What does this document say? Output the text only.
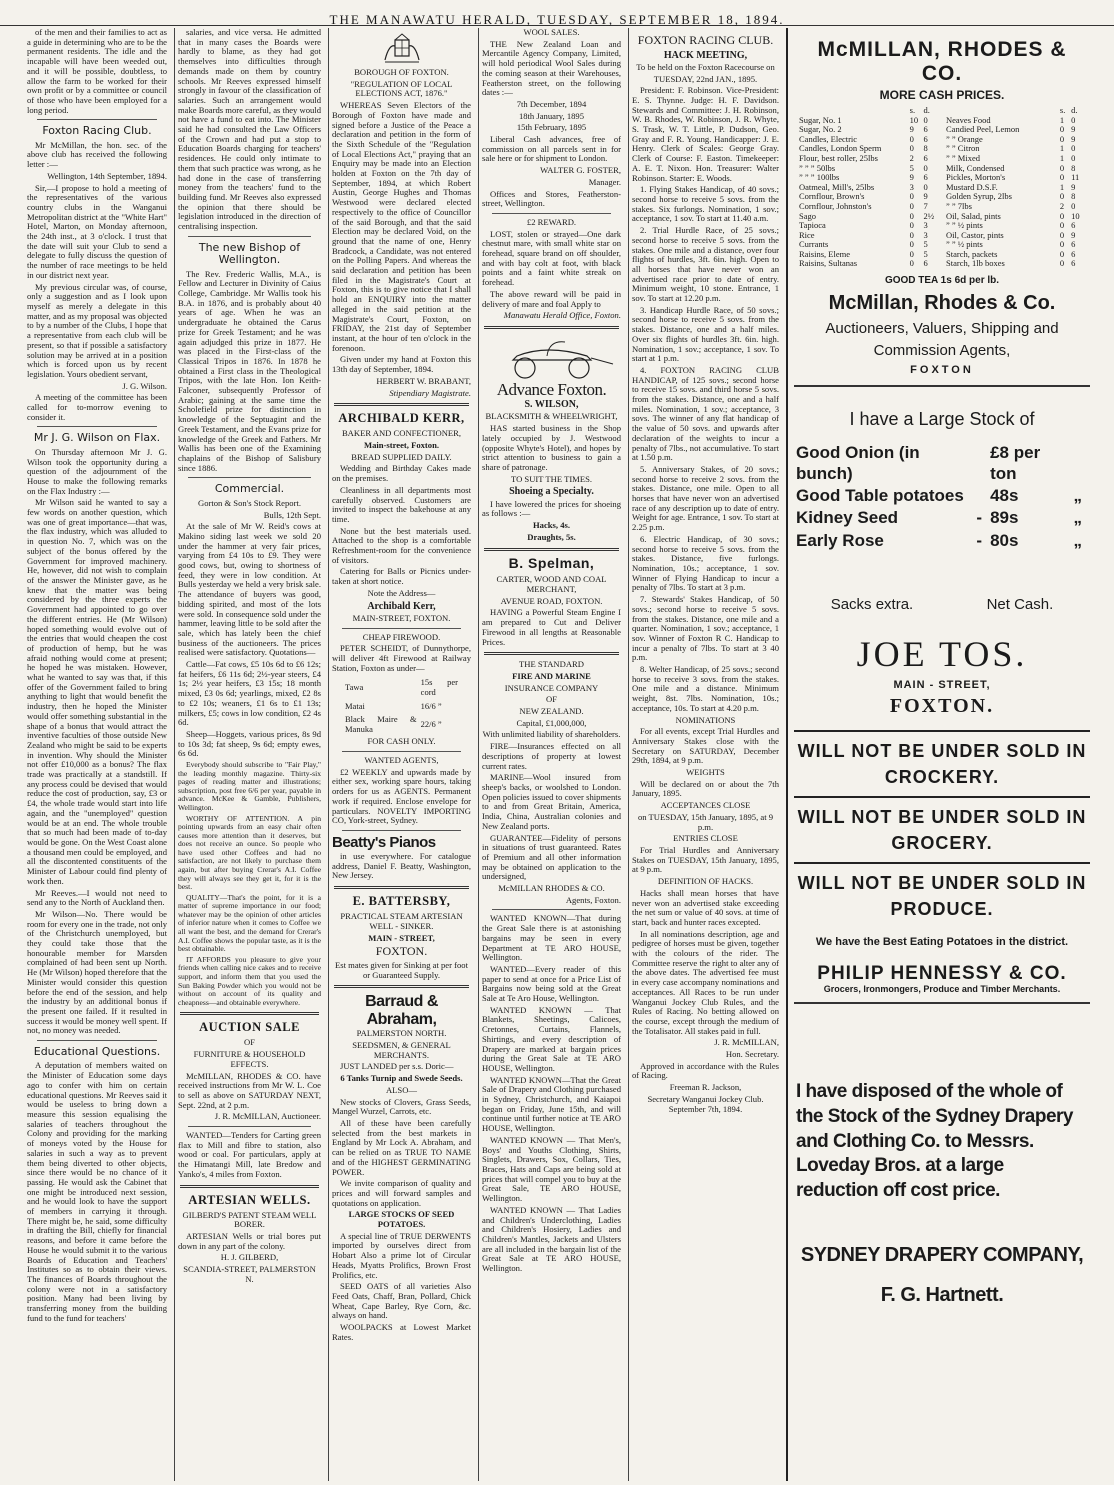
THE MANAWATU HERALD, TUESDAY, SEPTEMBER 18, 1894.

of the men and their families to act as a guide in determining who are to be the permanent residents. The idle and the incapable will have been weeded out, and it will be possible, doubtless, to allow the farm to be worked for their own profit or by a committee or council of those who have been employed for a long period.

Foxton Racing Club.

Mr McMillan, the hon. sec. of the above club has received the following letter :—

Wellington, 14th September, 1894.

Sir,—I propose to hold a meeting of the representatives of the various country clubs in the Wanganui Metropolitan district at the "White Hart" Hotel, Marton, on Monday afternoon, the 24th inst., at 3 o'clock. I trust that the date will suit your Club to send a delegate to fully discuss the question of the number of race meetings to be held in our district next year.

My previous circular was, of course, only a suggestion and as I look upon myself as merely a delegate in this matter, and as my proposal was objected to by a number of the Clubs, I hope that a representative from each club will be present, so that if possible a satisfactory solution may be arrived at in a position which is forced upon us by recent legislation. Yours obedient servant,

J. G. Wilson.

A meeting of the committee has been called for to-morrow evening to consider it.

Mr J. G. Wilson on Flax.

On Thursday afternoon Mr J. G. Wilson took the opportunity during a question of the adjournment of the House to make the following remarks on the Flax Industry :—

Mr Wilson said he wanted to say a few words on another question, which was one of great importance—that was, the flax industry, which was alluded to in question No. 7, which was on the subject of the bonus offered by the Government for improved machinery. He, however, did not wish to complain of the answer the Minister gave, as he knew that the matter was being considered by the three experts the Government had appointed to go over the different entries. He (Mr Wilson) hoped something would evolve out of the entries that would cheapen the cost of production of hemp, but he was afraid nothing would come at present; he hoped he was mistaken. However, what he wanted to say was that, if this offer of the Government failed to bring anything to light that would benefit the industry, then he hoped the Minister would offer something substantial in the shape of a bonus that would attract the inventive faculties of those outside New Zealand who might be said to be experts in invention. Why should the Minister not offer £10,000 as a bonus? The flax trade was practically at a standstill. If any process could be devised that would reduce the cost of production, say, £3 or £4, the whole trade would start into life again, and the "unemployed" question would be at an end. The whole trouble that so much had been made of to-day would be gone. On the West Coast alone a thousand men could be employed, and all the discontented constituents of the Minister of Labour could find plenty of work then.

Mr Reeves.—I would not need to send any to the North of Auckland then.

Mr Wilson—No. There would be room for every one in the trade, not only of the Christchurch unemployed, but they could take those that the honourable member for Marsden complained of had been sent up North. He (Mr Wilson) hoped therefore that the Minister would consider this question before the end of the session, and help the industry by an additional bonus if the present one failed. If it resulted in success it would be money well spent. If not, no money was needed.

Educational Questions.

A deputation of members waited on the Minister of Education some days ago to confer with him on certain educational questions. Mr Reeves said it would be useless to bring down a measure this session equalising the salaries of teachers throughout the Colony and providing for the marking of moneys voted by the House for salaries in such a way as to prevent them being diverted to other objects, since there would be no chance of it passing. He would ask the Cabinet that one might be introduced next session, and he would look to have the support of members in carrying it through. There might be, he said, some difficulty in drafting the Bill, chiefly for financial reasons, and before it came before the House he would submit it to the various Boards of Education and Teachers' Institutes so as to obtain their views. The finances of Boards throughout the colony were not in a satisfactory position. Many had been living by transferring money from the building fund to the fund for teachers'

salaries, and vice versa. He admitted that in many cases the Boards were hardly to blame, as they had got themselves into difficulties through demands made on them by country schools. Mr Reeves expressed himself strongly in favour of the classification of salaries. Such an arrangement would make Boards more careful, as they would not have a fund to eat into. The Minister said he had consulted the Law Officers of the Crown and had put a stop to Education Boards charging for teachers' residences. He could only intimate to them that such practice was wrong, as he had done in the case of transferring money from the teachers' fund to the building fund. Mr Reeves also expressed the opinion that there should be legislation introduced in the direction of centralising inspection.

The new Bishop of Wellington.

The Rev. Frederic Wallis, M.A., is Fellow and Lecturer in Divinity of Caius College, Cambridge. Mr Wallis took his B.A. in 1876, and is probably about 40 years of age. When he was an undergraduate he obtained the Carus prize for Greek Testament; and he was again adjudged this prize in 1877. He was placed in the First-class of the Classical Tripos in 1876. In 1878 he obtained a First class in the Theological Tripos, with the late Hon. Ion Keith-Falconer, subsequently Professor of Arabic; gaining at the same time the Scholefield prize for distinction in knowledge of the Septuagint and the Greek Testament, and the Evans prize for knowledge of the Greek and Fathers. Mr Wallis has been one of the Examining chaplains of the Bishop of Salisbury since 1886.

Commercial.

Gorton & Son's Stock Report.

Bulls, 12th Sept.

At the sale of Mr W. Reid's cows at Makino siding last week we sold 20 under the hammer at very fair prices, varying from £4 10s to £9. They were good cows, but, owing to shortness of feed, they were in low condition. At Bulls yesterday we held a very brisk sale. The attendance of buyers was good, bidding spirited, and most of the lots were sold. In consequence sold under the hammer, leaving little to be sold after the sale, which has lately been the chief business of the auctioneers. The prices realised were satisfactory. Quotations—

Cattle—Fat cows, £5 10s 6d to £6 12s; fat heifers, £6 11s 6d; 2½-year steers, £4 1s; 2½ year heifers, £3 15s; 18 month mixed, £3 0s 6d; yearlings, mixed, £2 8s to £2 10s; weaners, £1 6s to £1 13s; milkers, £5; cows in low condition, £2 4s 6d.

Sheep—Hoggets, various prices, 8s 9d to 10s 3d; fat sheep, 9s 6d; empty ewes, 6s 6d.

Everybody should subscribe to "Fair Play," the leading monthly magazine. Thirty-six pages of reading matter and illustrations; subscription, post free 6/6 per year, payable in advance. McKee & Gamble, Publishers, Wellington.

WORTHY OF ATTENTION. A pin pointing upwards from an easy chair often causes more attention than it deserves, but does not receive an ounce. So people who have used other Coffees and had no satisfaction, are not likely to purchase them again, but after buying Crerar's A.I. Coffee they will always see they get it, for it is the best.

QUALITY—That's the point, for it is a matter of supreme importance in our food; whatever may be the opinion of other articles of inferior nature when it comes to Coffee we all want the best, and the demand for Crerar's A.I. Coffee shows the popular taste, as it is the best obtainable.

IT AFFORDS you pleasure to give your friends when calling nice cakes and to receive support, and inform them that you used the Sun Baking Powder which you would not be without on account of its quality and cheapness—and obtainable everywhere.

AUCTION SALE

OF

FURNITURE & HOUSEHOLD EFFECTS.

McMILLAN, RHODES & CO. have received instructions from Mr W. L. Coe to sell as above on SATURDAY NEXT, Sept. 22nd, at 2 p.m.

J. R. McMILLAN, Auctioneer.

WANTED—Tenders for Carting green flax to Mill and fibre to station, also wood or coal. For particulars, apply at the Himatangi Mill, late Bredow and Yanko's, 4 miles from Foxton.

ARTESIAN WELLS.

GILBERD'S PATENT STEAM WELL BORER.

ARTESIAN Wells or trial bores put down in any part of the colony.

H. J. GILBERD,

SCANDIA-STREET, PALMERSTON N.

BOROUGH OF FOXTON.

"REGULATION OF LOCAL ELECTIONS ACT, 1876."

WHEREAS Seven Electors of the Borough of Foxton have made and signed before a Justice of the Peace a declaration and petition in the form of the Sixth Schedule of the "Regulation of Local Elections Act," praying that an Enquiry may be made into an Election holden at Foxton on the 7th day of September, 1894, at which Robert Austin, George Hughes and Thomas Westwood were declared elected respectively to the office of Councillor of the said Borough, and that the said Election may be declared Void, on the ground that the name of one, Henry Bradcock, a Candidate, was not entered on the Polling Papers. And whereas the said declaration and petition has been filed in the Magistrate's Court at Foxton, this is to give notice that I shall hold an ENQUIRY into the matter alleged in the said petition at the Magistrate's Court, Foxton, on FRIDAY, the 21st day of September instant, at the hour of ten o'clock in the forenoon.

Given under my hand at Foxton this 13th day of September, 1894.

HERBERT W. BRABANT,

Stipendiary Magistrate.

ARCHIBALD KERR,

BAKER AND CONFECTIONER,

Main-street, Foxton.

BREAD SUPPLIED DAILY.

Wedding and Birthday Cakes made on the premises.

Cleanliness in all departments most carefully observed. Customers are invited to inspect the bakehouse at any time.

None but the best materials used. Attached to the shop is a comfortable Refreshment-room for the convenience of visitors.

Catering for Balls or Picnics under-taken at short notice.

Note the Address—

Archibald Kerr,

MAIN-STREET, FOXTON.

CHEAP FIREWOOD.

PETER SCHEIDT, of Dunnythorpe, will deliver 4ft Firewood at Railway Station, Foxton as under—

Tawa	15s per cord
Matai	16/6 ”
Black Maire & Manuka	22/6 ”

FOR CASH ONLY.

WANTED AGENTS,

£2 WEEKLY and upwards made by either sex, working spare hours, taking orders for us as AGENTS. Permanent work if required. Enclose envelope for particulars. NOVELTY IMPORTING CO, York-street, Sydney.

Beatty's Pianos

in use everywhere. For catalogue address, Daniel F. Beatty, Washington, New Jersey.

E. BATTERSBY,

PRACTICAL STEAM ARTESIAN WELL - SINKER.

MAIN - STREET,

FOXTON.

Est mates given for Sinking at per foot or Guaranteed Supply.

Barraud & Abraham,

PALMERSTON NORTH.

SEEDSMEN, & GENERAL MERCHANTS.

JUST LANDED per s.s. Doric—

6 Tanks Turnip and Swede Seeds.

ALSO—

New stocks of Clovers, Grass Seeds, Mangel Wurzel, Carrots, etc.

All of these have been carefully selected from the best markets in England by Mr Lock A. Abraham, and can be relied on as TRUE TO NAME and of the HIGHEST GERMINATING POWER.

We invite comparison of quality and prices and will forward samples and quotations on application.

LARGE STOCKS OF SEED POTATOES.

A special line of TRUE DERWENTS imported by ourselves direct from Hobart Also a prime lot of Circular Heads, Myatts Prolifics, Brown Frost Prolifics, etc.

SEED OATS of all varieties Also Feed Oats, Chaff, Bran, Pollard, Chick Wheat, Cape Barley, Rye Corn, &c. always on hand.

WOOLPACKS at Lowest Market Rates.

WOOL SALES.

THE New Zealand Loan and Mercantile Agency Company, Limited, will hold periodical Wool Sales during the coming season at their Warehouses, Featherston street, on the following dates :—

7th December, 1894

18th January, 1895

15th February, 1895

Liberal Cash advances, free of commission on all parcels sent in for sale here or for shipment to London.

WALTER G. FOSTER,

Manager.

Offices and Stores, Featherston-street, Wellington.

£2 REWARD.

LOST, stolen or strayed—One dark chestnut mare, with small white star on forehead, square brand on off shoulder, and with bay colt at foot, with black points and a faint white streak on forehead.

The above reward will be paid in delivery of mare and foal Apply to

Manawatu Herald Office, Foxton.

Advance Foxton.

S. WILSON,

BLACKSMITH & WHEELWRIGHT,

HAS started business in the Shop lately occupied by J. Westwood (opposite Whyte's Hotel), and hopes by strict attention to business to gain a share of patronage.

TO SUIT THE TIMES.

Shoeing a Specialty.

I have lowered the prices for shoeing as follows :—

Hacks, 4s.

Draughts, 5s.

B. Spelman,

CARTER, WOOD AND COAL MERCHANT,

AVENUE ROAD, FOXTON.

HAVING a Powerful Steam Engine I am prepared to Cut and Deliver Firewood in all lengths at Reasonable Prices.

THE STANDARD

FIRE AND MARINE

INSURANCE COMPANY

OF

NEW ZEALAND.

Capital, £1,000,000,

With unlimited liability of shareholders.

FIRE—Insurances effected on all descriptions of property at lowest current rates.

MARINE—Wool insured from sheep's backs, or woolshed to London. Open policies issued to cover shipments to and from Great Britain, America, India, China, Australian colonies and New Zealand ports.

GUARANTEE—Fidelity of persons in situations of trust guaranteed. Rates of Premium and all other information may be obtained on application to the undersigned,

McMILLAN RHODES & CO.

Agents, Foxton.

WANTED KNOWN—That during the Great Sale there is at astonishing bargains may be seen in every Department at TE ARO HOUSE, Wellington.

WANTED—Every reader of this paper to send at once for a Price List of Bargains now being sold at the Great Sale at Te Aro House, Wellington.

WANTED KNOWN — That Blankets, Sheetings, Calicoes, Cretonnes, Curtains, Flannels, Shirtings, and every description of Drapery are marked at bargain prices during the Great Sale at TE ARO HOUSE, Wellington.

WANTED KNOWN—That the Great Sale of Drapery and Clothing purchased in Sydney, Christchurch, and Kaiapoi began on Friday, June 15th, and will continue until further notice at TE ARO HOUSE, Wellington.

WANTED KNOWN — That Men's, Boys' and Youths Clothing, Shirts, Singlets, Drawers, Sox, Collars, Ties, Braces, Hats and Caps are being sold at prices that will compel you to buy at the Great Sale, TE ARO HOUSE, Wellington.

WANTED KNOWN — That Ladies and Children's Underclothing, Ladies and Children's Hosiery, Ladies and Children's Mantles, Jackets and Ulsters are all included in the bargain list of the Great Sale at TE ARO HOUSE, Wellington.

FOXTON RACING CLUB.

HACK MEETING,

To be held on the Foxton Racecourse on

TUESDAY, 22nd JAN., 1895.

President: F. Robinson. Vice-President: E. S. Thynne. Judge: H. F. Davidson. Stewards and Committee: J. H. Robinson, W. B. Rhodes, W. Robinson, J. R. Whyte, S. Trask, W. T. Little, P. Dudson, Geo. Gray and F. R. Young. Handicapper: J. E. Henry. Clerk of Scales: George Gray. Clerk of Course: F. Easton. Timekeeper: A. E. T. Nixon. Hon. Treasurer: Walter Robinson. Starter: E. Woods.

1. Flying Stakes Handicap, of 40 sovs.; second horse to receive 5 sovs. from the stakes. Six furlongs. Nomination, 1 sov.; acceptance, 1 sov. To start at 11.40 a.m.

2. Trial Hurdle Race, of 25 sovs.; second horse to receive 5 sovs. from the stakes. One mile and a distance, over four flights of hurdles, 3ft. 6in. high. Open to all horses that have never won an advertised race prior to date of entry. Minimum weight, 10 stone. Entrance, 1 sov. To start at 12.20 p.m.

3. Handicap Hurdle Race, of 50 sovs.; second horse to receive 5 sovs. from the stakes. Distance, one and a half miles. Over six flights of hurdles 3ft. 6in. high. Nomination, 1 sov.; acceptance, 1 sov. To start at 1 p.m.

4. FOXTON RACING CLUB HANDICAP, of 125 sovs.; second horse to receive 15 sovs. and third horse 5 sovs. from the stakes. Distance, one and a half miles. Nomination, 1 sov.; acceptance, 3 sovs. The winner of any flat handicap of the value of 50 sovs. and upwards after declaration of the weights to incur a penalty of 7lbs., not accumulative. To start at 1.50 p.m.

5. Anniversary Stakes, of 20 sovs.; second horse to receive 2 sovs. from the stakes. Distance, one mile. Open to all horses that have never won an advertised race of any description up to date of entry. Weight for age. Entrance, 1 sov. To start at 2.25 p.m.

6. Electric Handicap, of 30 sovs.; second horse to receive 5 sovs. from the stakes. Distance, five furlongs. Nomination, 10s.; acceptance, 1 sov. Winner of Flying Handicap to incur a penalty of 7lbs. To start at 3 p.m.

7. Stewards' Stakes Handicap, of 50 sovs.; second horse to receive 5 sovs. from the stakes. Distance, one mile and a quarter. Nomination, 1 sov.; acceptance, 1 sov. Winner of Foxton R C. Handicap to incur a penalty of 7lbs. To start at 3 40 p.m.

8. Welter Handicap, of 25 sovs.; second horse to receive 3 sovs. from the stakes. One mile and a distance. Minimum weight, 8st. 7lbs. Nomination, 10s.; acceptance, 10s. To start at 4.20 p.m.

NOMINATIONS

For all events, except Trial Hurdles and Anniversary Stakes close with the Secretary on SATURDAY, December 29th, 1894, at 9 p.m.

WEIGHTS

Will be declared on or about the 7th January, 1895.

ACCEPTANCES CLOSE

on TUESDAY, 15th January, 1895, at 9 p.m.

ENTRIES CLOSE

For Trial Hurdles and Anniversary Stakes on TUESDAY, 15th January, 1895, at 9 p.m.

DEFINITION OF HACKS.

Hacks shall mean horses that have never won an advertised stake exceeding the net sum or value of 40 sovs. at time of start, back and hunter races excepted.

In all nominations description, age and pedigree of horses must be given, together with the colours of the rider. The Committee reserve the right to alter any of the above dates. The advertised fee must in every case accompany nominations and acceptances. All Races to be run under Wanganui Jockey Club Rules, and the Rules of Racing. No betting allowed on the course, except through the medium of the Totalisator. All stakes paid in full.

J. R. McMILLAN,

Hon. Secretary.

Approved in accordance with the Rules of Racing.

Freeman R. Jackson,

Secretary Wanganui Jockey Club. September 7th, 1894.

McMILLAN, RHODES & CO.
MORE CASH PRICES.
	s.	d.
Sugar, No. 1	10	0
Sugar, No. 2	9	6
Candles, Electric	0	6
Candles, London Sperm	0	8
Flour, best roller, 25lbs	2	6
” ” ” 50lbs	5	0
” ” ” 100lbs	9	6
Oatmeal, Mill's, 25lbs	3	0
Cornflour, Brown's	0	9
Cornflour, Johnston's	0	7
Sago	0	2½
Tapioca	0	3
Rice	0	3
Currants	0	5
Raisins, Eleme	0	5
Raisins, Sultanas	0	6
	s.	d.
Neaves Food	1	0
Candied Peel, Lemon	0	9
” ” Orange	0	9
” ” Citron	1	0
” ” Mixed	1	0
Milk, Condensed	0	8
Pickles, Morton's	0	11
Mustard D.S.F.	1	9
Golden Syrup, 2lbs	0	8
” ” 7lbs	2	0
Oil, Salad, pints	0	10
” ” ½ pints	0	6
Oil, Castor, pints	0	9
” ” ½ pints	0	6
Starch, packets	0	6
Starch, 1lb boxes	0	6
GOOD TEA 1s 6d per lb.
McMillan, Rhodes & Co.
Auctioneers, Valuers, Shipping and Commission Agents,
FOXTON
I have a Large Stock of
Good Onion (in bunch)		£8 per ton	
Good Table potatoes		48s	„
Kidney Seed	-	89s	„
Early Rose	-	80s	„
Sacks extra.	Net Cash.
JOE TOS.
MAIN - STREET,
FOXTON.
WILL NOT BE UNDER SOLD IN CROCKERY.
WILL NOT BE UNDER SOLD IN GROCERY.
WILL NOT BE UNDER SOLD IN PRODUCE.
We have the Best Eating Potatoes in the district.
PHILIP HENNESSY & CO.
Grocers, Ironmongers, Produce and Timber Merchants.
I have disposed of the whole of the Stock of the Sydney Drapery and Clothing Co. to Messrs. Loveday Bros. at a large reduction off cost price.
SYDNEY DRAPERY COMPANY,
F. G. Hartnett.
